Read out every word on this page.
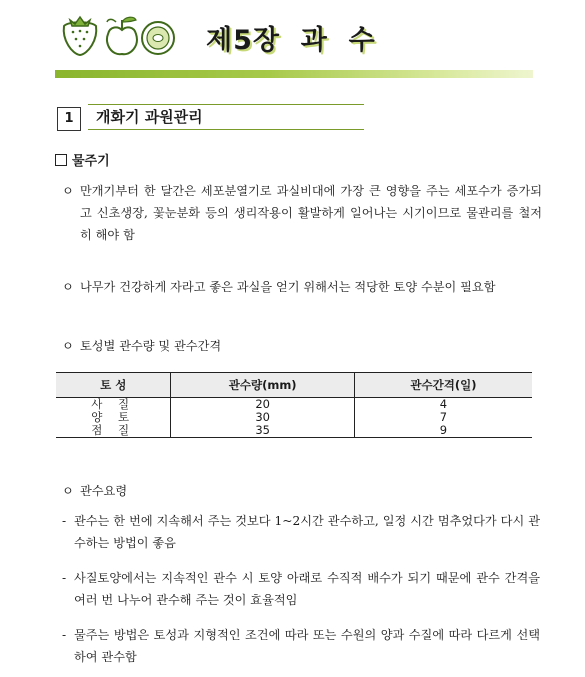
제5장  과  수
1	개화기 과원관리
물주기
ㅇ 만개기부터 한 달간은 세포분열기로 과실비대에 가장 큰 영향을 주는 세포수가 증가되고 신초생장, 꽃눈분화 등의 생리작용이 활발하게 일어나는 시기이므로 물관리를 철저히 해야 함
ㅇ 나무가 건강하게 자라고 좋은 과실을 얻기 위해서는 적당한 토양 수분이 필요함
ㅇ 토성별 관수량 및 관수간격
토 성	관수량(mm)	관수간격(일)
사 질	20	4
양 토	30	7
점 질	35	9
ㅇ 관수요령
- 관수는 한 번에 지속해서 주는 것보다 1~2시간 관수하고, 일정 시간 멈추었다가 다시 관수하는 방법이 좋음
- 사질토양에서는 지속적인 관수 시 토양 아래로 수직적 배수가 되기 때문에 관수 간격을 여러 번 나누어 관수해 주는 것이 효율적임
- 물주는 방법은 토성과 지형적인 조건에 따라 또는 수원의 양과 수질에 따라 다르게 선택하여 관수함
